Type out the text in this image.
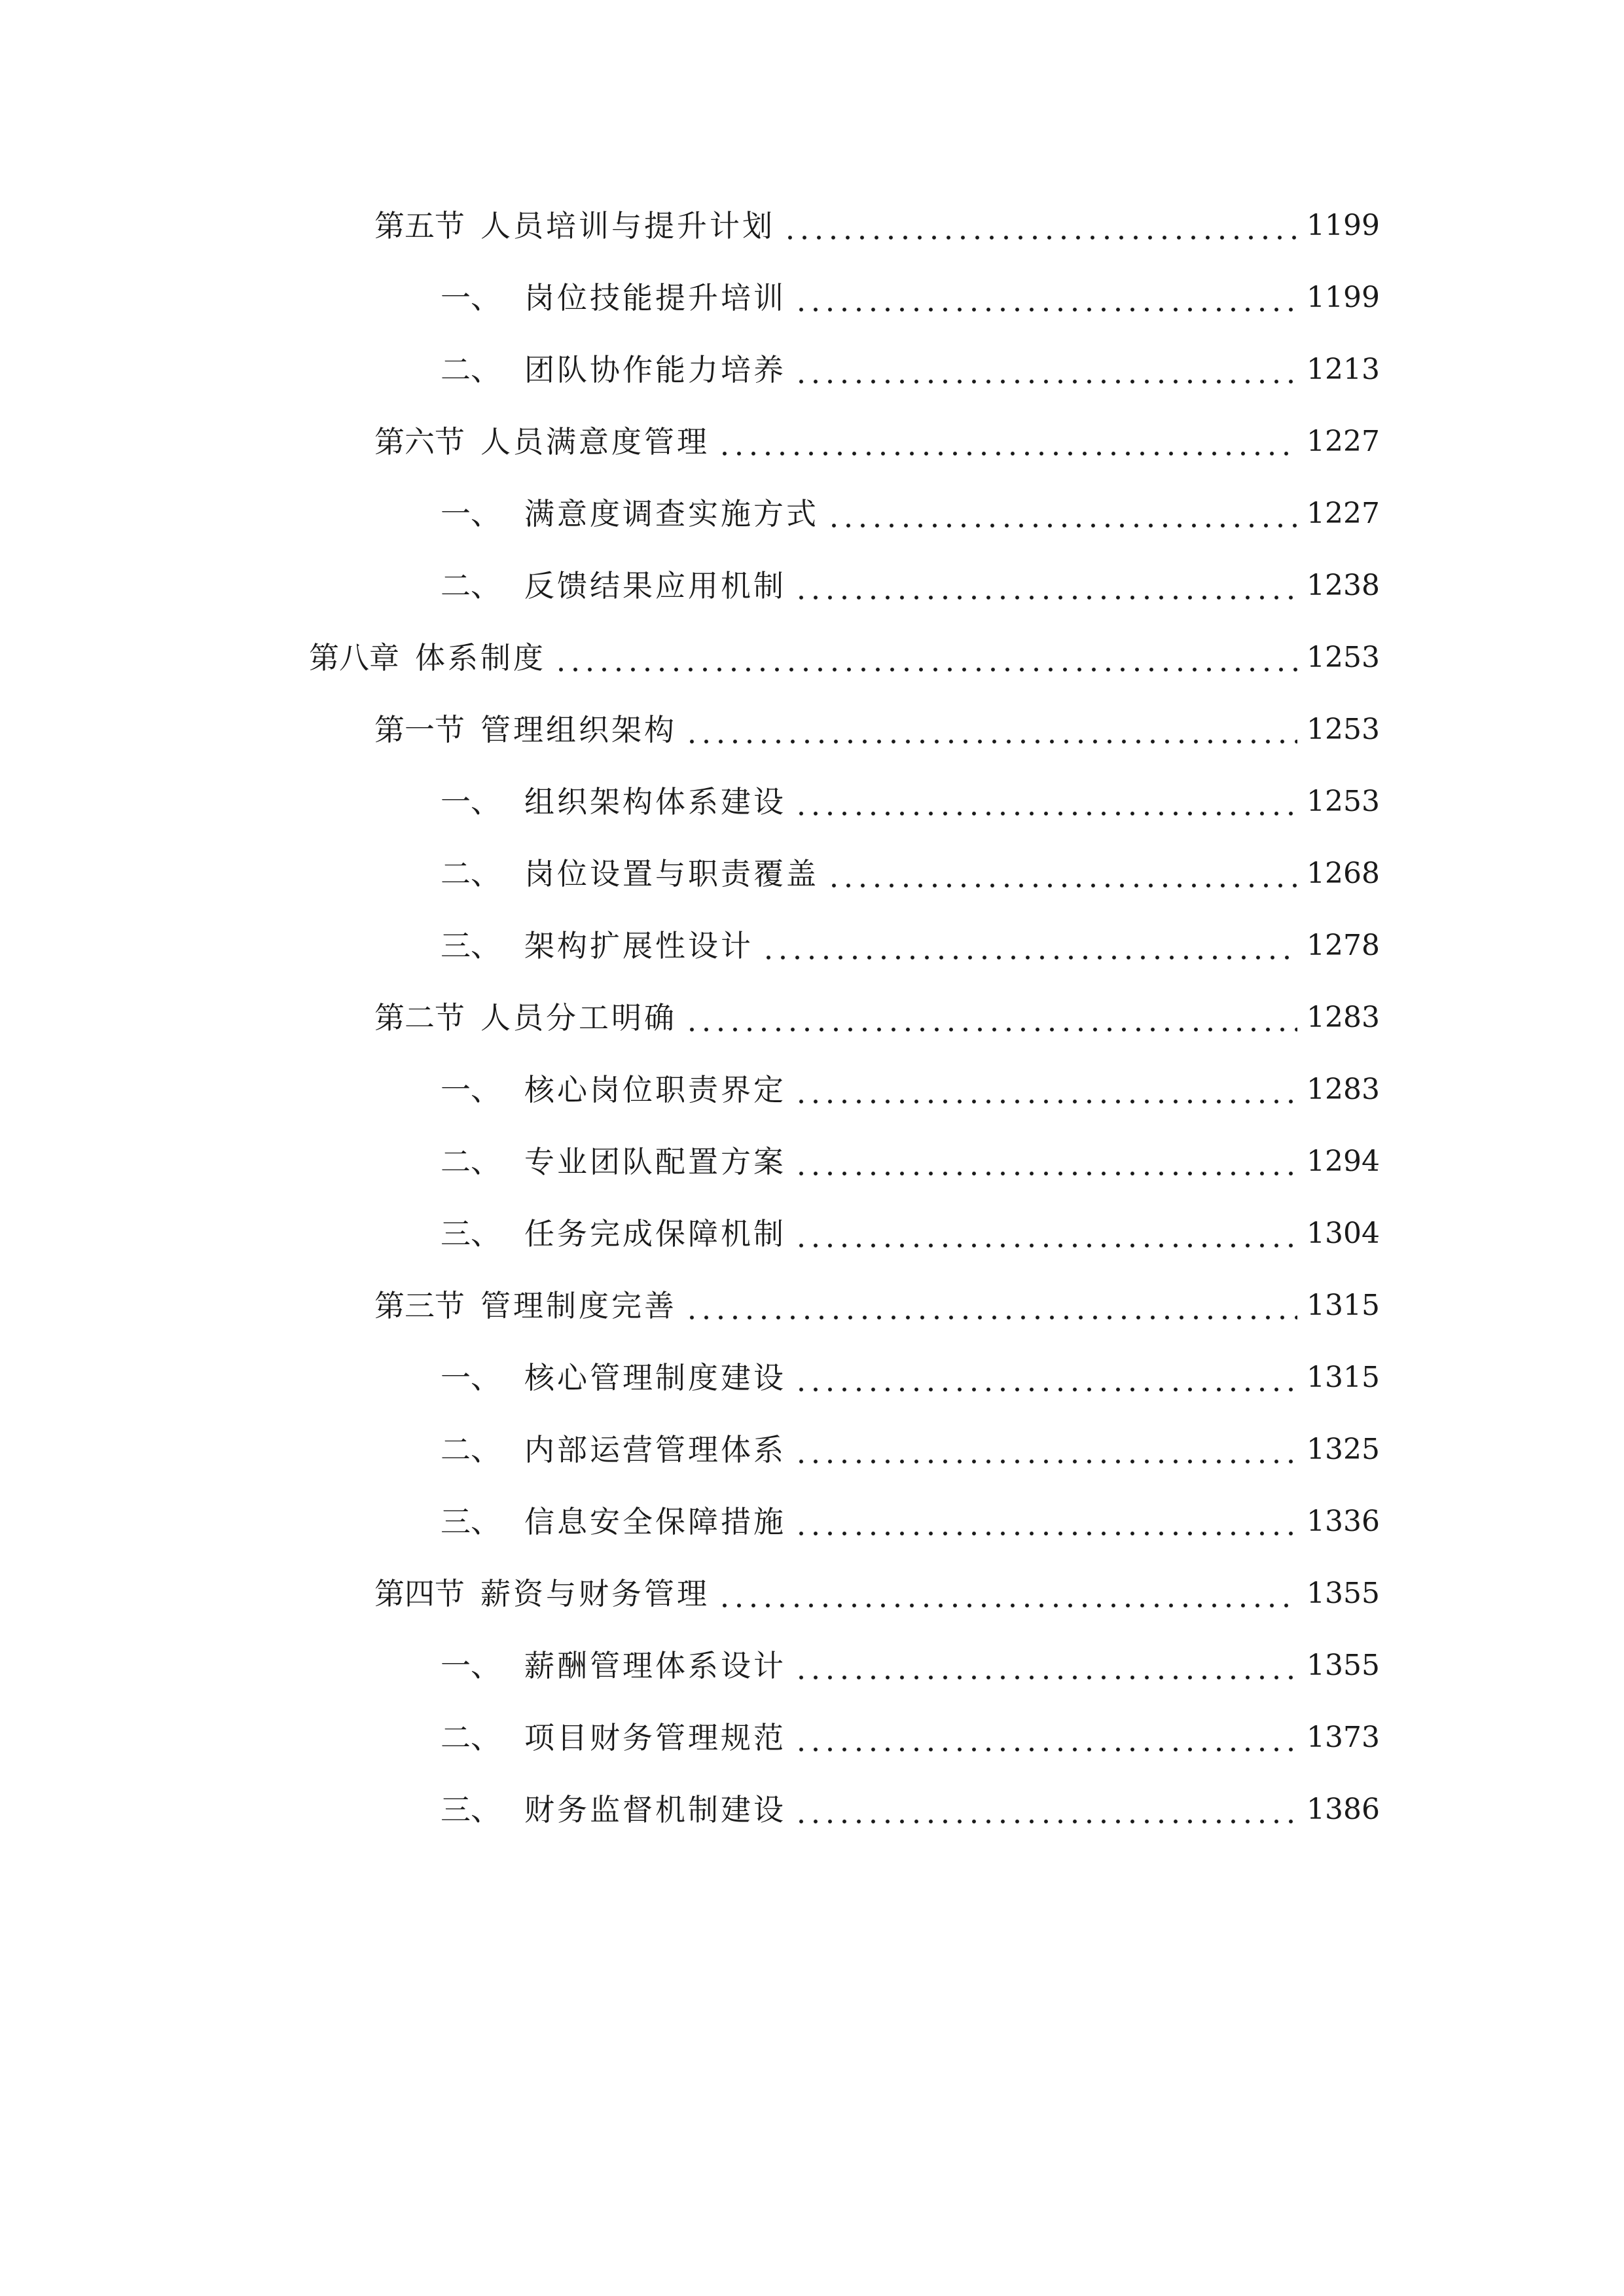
第五节 人员培训与提升计划	1199
一、 岗位技能提升培训	1199
二、 团队协作能力培养	1213
第六节 人员满意度管理	1227
一、 满意度调查实施方式	1227
二、 反馈结果应用机制	1238
第八章 体系制度	1253
第一节 管理组织架构	1253
一、 组织架构体系建设	1253
二、 岗位设置与职责覆盖	1268
三、 架构扩展性设计	1278
第二节 人员分工明确	1283
一、 核心岗位职责界定	1283
二、 专业团队配置方案	1294
三、 任务完成保障机制	1304
第三节 管理制度完善	1315
一、 核心管理制度建设	1315
二、 内部运营管理体系	1325
三、 信息安全保障措施	1336
第四节 薪资与财务管理	1355
一、 薪酬管理体系设计	1355
二、 项目财务管理规范	1373
三、 财务监督机制建设	1386
